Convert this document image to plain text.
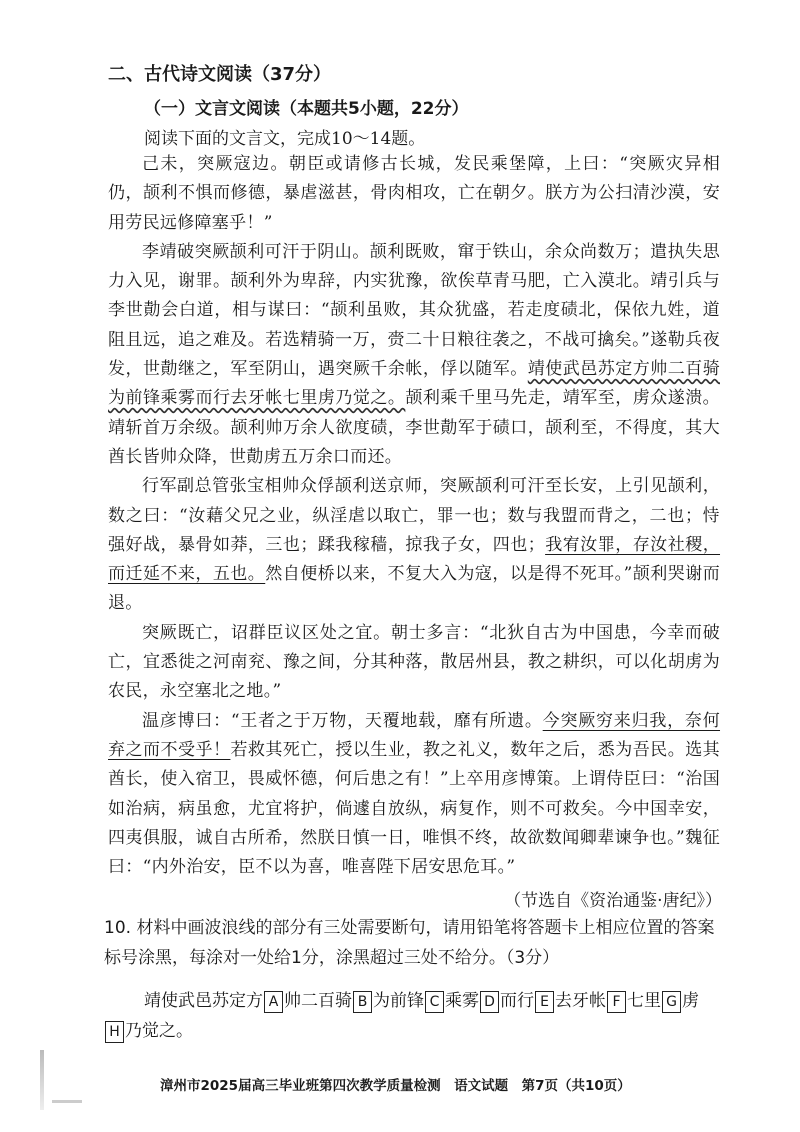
二、古代诗文阅读（37分）
（一）文言文阅读（本题共5小题，22分）
阅读下面的文言文，完成10～14题。

己未，突厥寇边。朝臣或请修古长城，发民乘堡障，上曰：“突厥灾异相仍，颉利不惧而修德，暴虐滋甚，骨肉相攻，亡在朝夕。朕方为公扫清沙漠，安用劳民远修障塞乎！”

李靖破突厥颉利可汗于阴山。颉利既败，窜于铁山，余众尚数万；遣执失思力入见，谢罪。颉利外为卑辞，内实犹豫，欲俟草青马肥，亡入漠北。靖引兵与李世勣会白道，相与谋曰：“颉利虽败，其众犹盛，若走度碛北，保依九姓，道阻且远，追之难及。若选精骑一万，赍二十日粮往袭之，不战可擒矣。”遂勒兵夜发，世勣继之，军至阴山，遇突厥千余帐，俘以随军。靖使武邑苏定方帅二百骑为前锋乘雾而行去牙帐七里虏乃觉之。颉利乘千里马先走，靖军至，虏众遂溃。靖斩首万余级。颉利帅万余人欲度碛，李世勣军于碛口，颉利至，不得度，其大酋长皆帅众降，世勣虏五万余口而还。

行军副总管张宝相帅众俘颉利送京师，突厥颉利可汗至长安，上引见颉利，数之曰：“汝藉父兄之业，纵淫虐以取亡，罪一也；数与我盟而背之，二也；恃强好战，暴骨如莽，三也；蹂我稼穑，掠我子女，四也；我宥汝罪，存汝社稷，而迁延不来，五也。然自便桥以来，不复大入为寇，以是得不死耳。”颉利哭谢而退。

突厥既亡，诏群臣议区处之宜。朝士多言：“北狄自古为中国患，今幸而破亡，宜悉徙之河南兖、豫之间，分其种落，散居州县，教之耕织，可以化胡虏为农民，永空塞北之地。”

温彦博曰：“王者之于万物，天覆地载，靡有所遗。今突厥穷来归我，奈何弃之而不受乎！若救其死亡，授以生业，教之礼义，数年之后，悉为吾民。选其酋长，使入宿卫，畏威怀德，何后患之有！”上卒用彦博策。上谓侍臣曰：“治国如治病，病虽愈，尤宜将护，倘遽自放纵，病复作，则不可救矣。今中国幸安，四夷俱服，诚自古所希，然朕日慎一日，唯惧不终，故欲数闻卿辈谏争也。”魏征曰：“内外治安，臣不以为喜，唯喜陛下居安思危耳。”

（节选自《资治通鉴·唐纪》）
10. 材料中画波浪线的部分有三处需要断句，请用铅笔将答题卡上相应位置的答案标号涂黑，每涂对一处给1分，涂黑超过三处不给分。（3分）
靖使武邑苏定方 A 帅二百骑 B 为前锋 C 乘雾 D 而行 E 去牙帐 F 七里 G 虏
H 乃觉之。
漳州市2025届高三毕业班第四次教学质量检测　语文试题　第7页（共10页）
